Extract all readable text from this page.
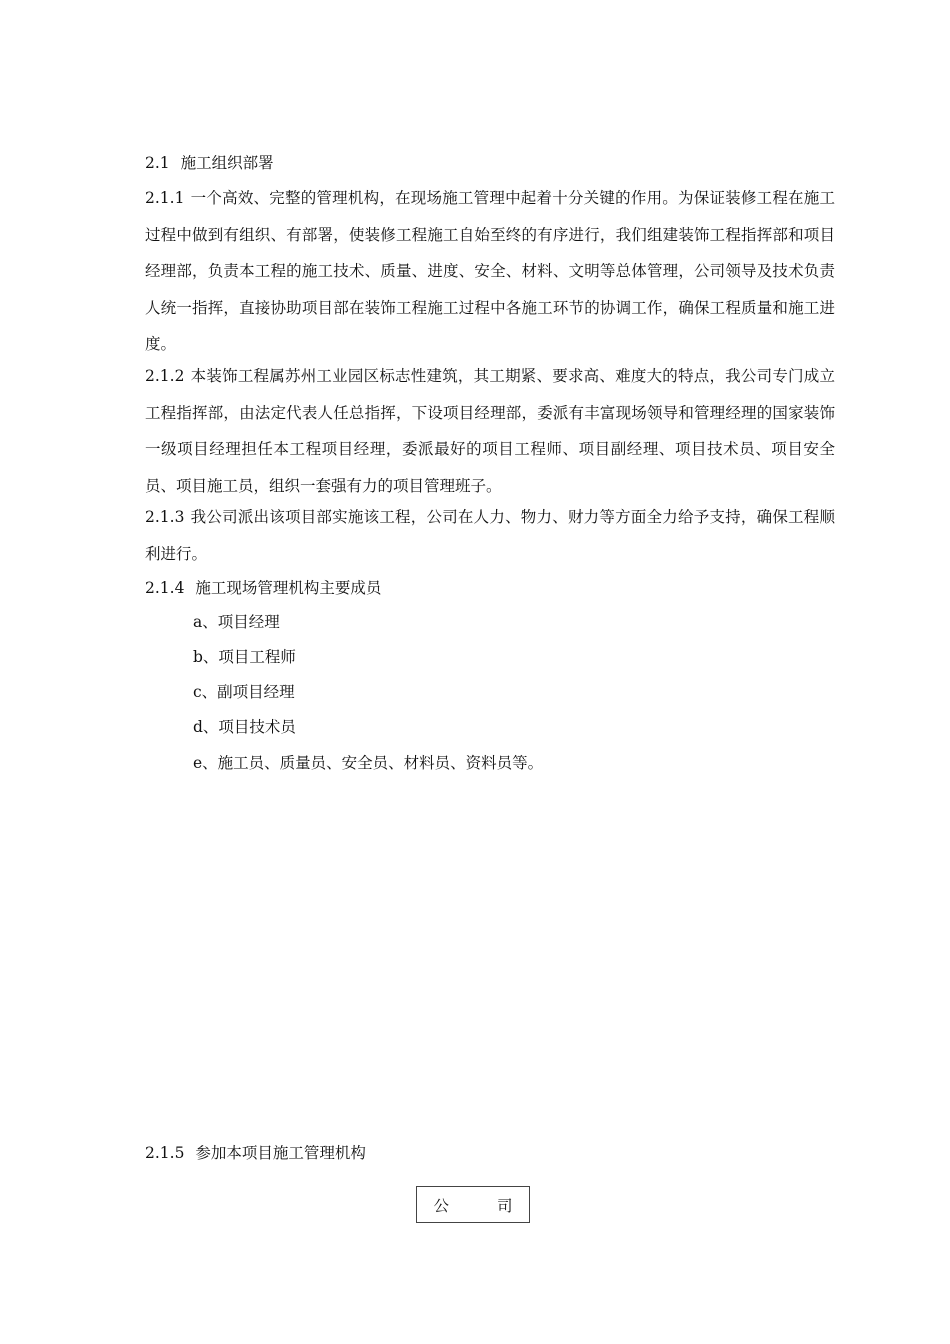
2.1 施工组织部署

2.1.1 一个高效、完整的管理机构，在现场施工管理中起着十分关键的作用。为保证装修工程在施工过程中做到有组织、有部署，使装修工程施工自始至终的有序进行，我们组建装饰工程指挥部和项目经理部，负责本工程的施工技术、质量、进度、安全、材料、文明等总体管理，公司领导及技术负责人统一指挥，直接协助项目部在装饰工程施工过程中各施工环节的协调工作，确保工程质量和施工进度。

2.1.2 本装饰工程属苏州工业园区标志性建筑，其工期紧、要求高、难度大的特点，我公司专门成立工程指挥部，由法定代表人任总指挥，下设项目经理部，委派有丰富现场领导和管理经理的国家装饰一级项目经理担任本工程项目经理，委派最好的项目工程师、项目副经理、项目技术员、项目安全员、项目施工员，组织一套强有力的项目管理班子。

2.1.3 我公司派出该项目部实施该工程，公司在人力、物力、财力等方面全力给予支持，确保工程顺利进行。

2.1.4 施工现场管理机构主要成员
a、项目经理
b、项目工程师
c、副项目经理
d、项目技术员
e、施工员、质量员、安全员、材料员、资料员等。
2.1.5 参加本项目施工管理机构
公司
